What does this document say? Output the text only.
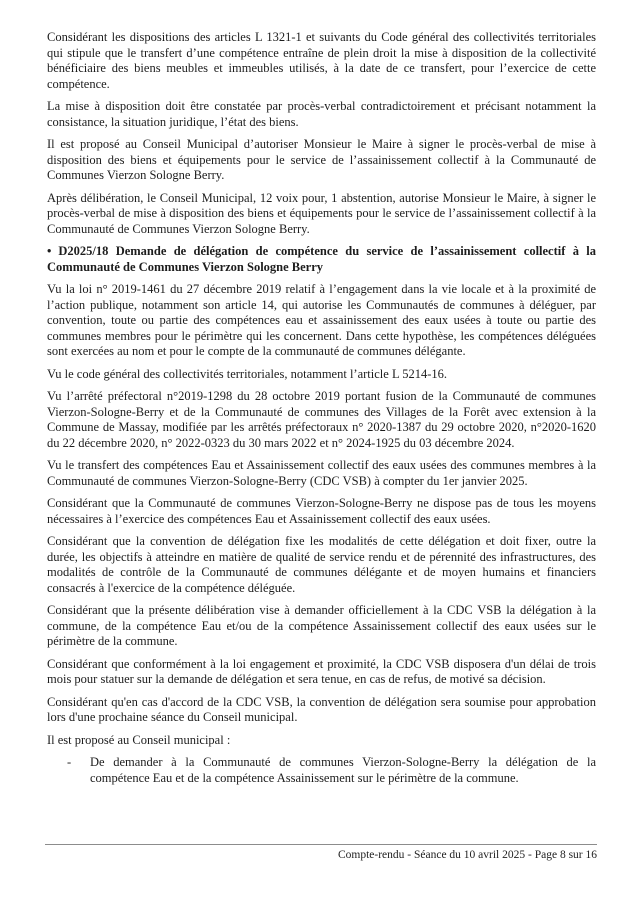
Considérant les dispositions des articles L 1321-1 et suivants du Code général des collectivités territoriales qui stipule que le transfert d’une compétence entraîne de plein droit la mise à disposition de la collectivité bénéficiaire des biens meubles et immeubles utilisés, à la date de ce transfert, pour l’exercice de cette compétence.

La mise à disposition doit être constatée par procès-verbal contradictoirement et précisant notamment la consistance, la situation juridique, l’état des biens.

Il est proposé au Conseil Municipal d’autoriser Monsieur le Maire à signer le procès-verbal de mise à disposition des biens et équipements pour le service de l’assainissement collectif à la Communauté de Communes Vierzon Sologne Berry.

Après délibération, le Conseil Municipal, 12 voix pour, 1 abstention, autorise Monsieur le Maire, à signer le procès-verbal de mise à disposition des biens et équipements pour le service de l’assainissement collectif à la Communauté de Communes Vierzon Sologne Berry.

• D2025/18 Demande de délégation de compétence du service de l’assainissement collectif à la Communauté de Communes Vierzon Sologne Berry

Vu la loi n° 2019-1461 du 27 décembre 2019 relatif à l’engagement dans la vie locale et à la proximité de l’action publique, notamment son article 14, qui autorise les Communautés de communes à déléguer, par convention, toute ou partie des compétences eau et assainissement des eaux usées à toute ou partie des communes membres pour le périmètre qui les concernent. Dans cette hypothèse, les compétences déléguées sont exercées au nom et pour le compte de la communauté de communes délégante.

Vu le code général des collectivités territoriales, notamment l’article L 5214-16.

Vu l’arrêté préfectoral n°2019-1298 du 28 octobre 2019 portant fusion de la Communauté de communes Vierzon-Sologne-Berry et de la Communauté de communes des Villages de la Forêt avec extension à la Commune de Massay, modifiée par les arrêtés préfectoraux n° 2020-1387 du 29 octobre 2020, n°2020-1620 du 22 décembre 2020, n° 2022-0323 du 30 mars 2022 et n° 2024-1925 du 03 décembre 2024.

Vu le transfert des compétences Eau et Assainissement collectif des eaux usées des communes membres à la Communauté de communes Vierzon-Sologne-Berry (CDC VSB) à compter du 1er janvier 2025.

Considérant que la Communauté de communes Vierzon-Sologne-Berry ne dispose pas de tous les moyens nécessaires à l’exercice des compétences Eau et Assainissement collectif des eaux usées.

Considérant que la convention de délégation fixe les modalités de cette délégation et doit fixer, outre la durée, les objectifs à atteindre en matière de qualité de service rendu et de pérennité des infrastructures, des modalités de contrôle de la Communauté de communes délégante et de moyen humains et financiers consacrés à l'exercice de la compétence déléguée.

Considérant que la présente délibération vise à demander officiellement à la CDC VSB la délégation à la commune, de la compétence Eau et/ou de la compétence Assainissement collectif des eaux usées sur le périmètre de la commune.

Considérant que conformément à la loi engagement et proximité, la CDC VSB disposera d'un délai de trois mois pour statuer sur la demande de délégation et sera tenue, en cas de refus, de motivé sa décision.

Considérant qu'en cas d'accord de la CDC VSB, la convention de délégation sera soumise pour approbation lors d'une prochaine séance du Conseil municipal.

Il est proposé au Conseil municipal :

-	De demander à la Communauté de communes Vierzon-Sologne-Berry la délégation de la compétence Eau et de la compétence Assainissement sur le périmètre de la commune.
Compte-rendu - Séance du 10 avril 2025 - Page 8 sur 16
